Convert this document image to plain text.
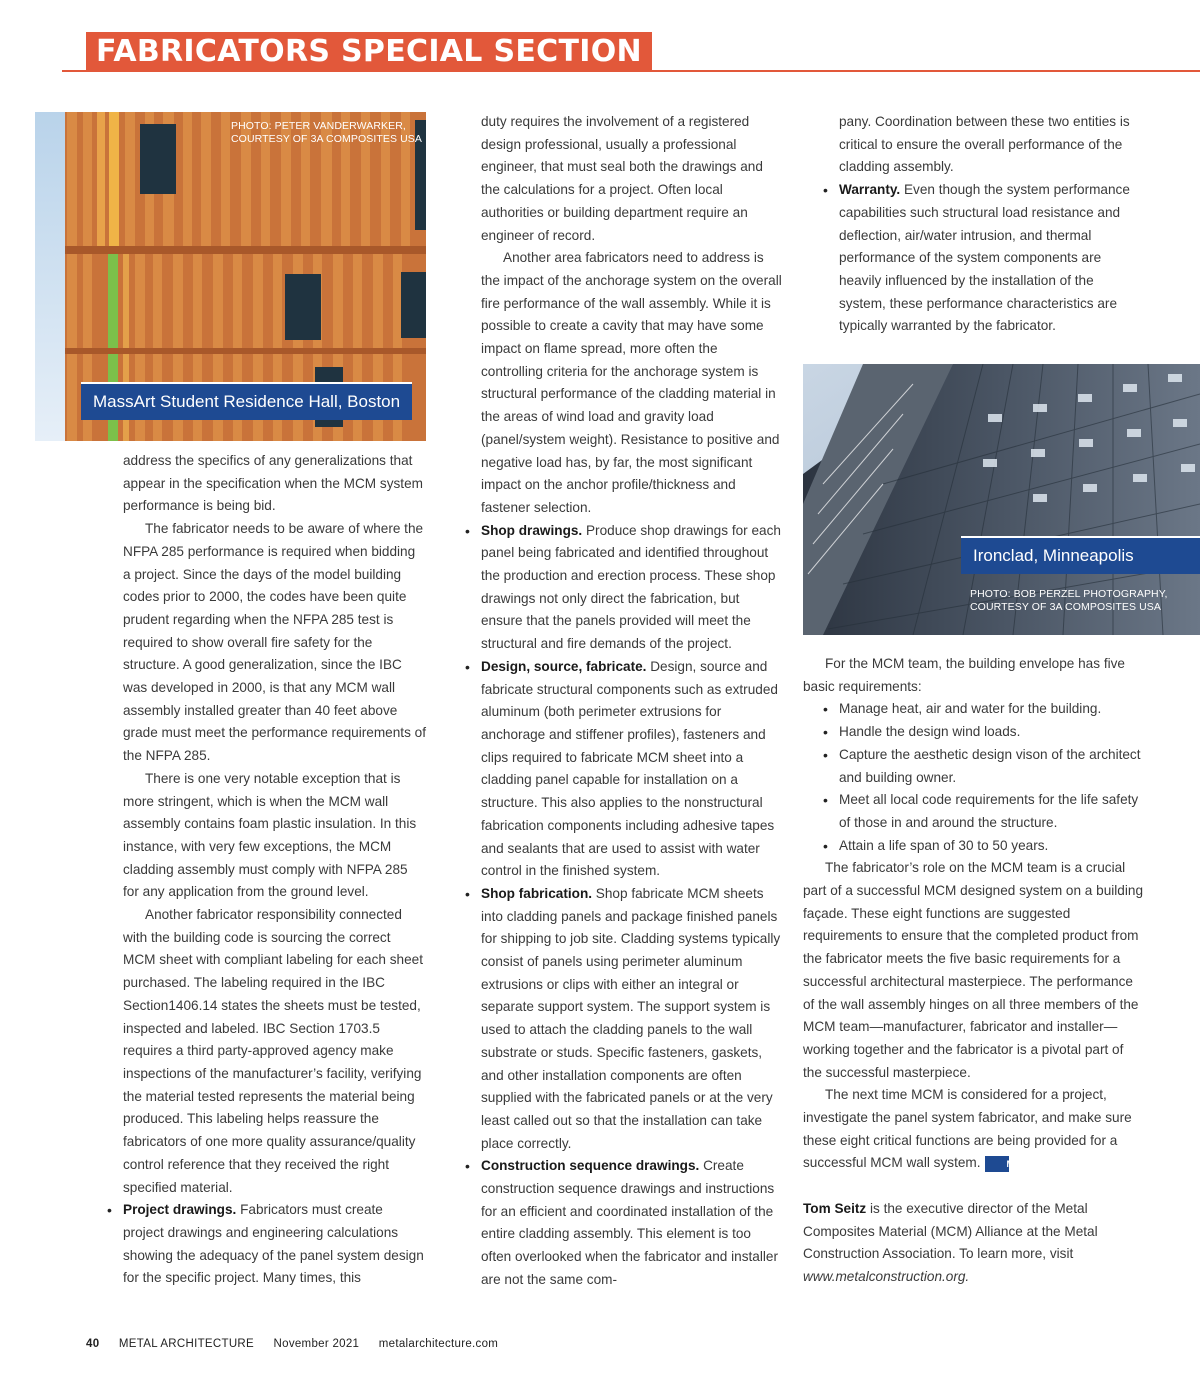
FABRICATORS SPECIAL SECTION
PHOTO: PETER VANDERWARKER,
COURTESY OF 3A COMPOSITES USA
MassArt Student Residence Hall, Boston

address the specifics of any generalizations that appear in the specification when the MCM system performance is being bid.

The fabricator needs to be aware of where the NFPA 285 performance is required when bidding a project. Since the days of the model building codes prior to 2000, the codes have been quite prudent regarding when the NFPA 285 test is required to show overall fire safety for the structure. A good generalization, since the IBC was developed in 2000, is that any MCM wall assembly installed greater than 40 feet above grade must meet the performance requirements of the NFPA 285.

There is one very notable exception that is more stringent, which is when the MCM wall assembly contains foam plastic insulation. In this instance, with very few exceptions, the MCM cladding assembly must comply with NFPA 285 for any application from the ground level.

Another fabricator responsibility connected with the building code is sourcing the correct MCM sheet with compliant labeling for each sheet purchased. The labeling required in the IBC Section1406.14 states the sheets must be tested, inspected and labeled. IBC Section 1703.5 requires a third party-approved agency make inspections of the manufacturer’s facility, verifying the material tested represents the material being produced. This labeling helps reassure the fabricators of one more quality assurance/quality control reference that they received the right specified material.

• Project drawings. Fabricators must create project drawings and engineering calculations showing the adequacy of the panel system design for the specific project. Many times, this

duty requires the involvement of a registered design professional, usually a professional engineer, that must seal both the drawings and the calculations for a project. Often local authorities or building department require an engineer of record.

Another area fabricators need to address is the impact of the anchorage system on the overall fire performance of the wall assembly. While it is possible to create a cavity that may have some impact on flame spread, more often the controlling criteria for the anchorage system is structural performance of the cladding material in the areas of wind load and gravity load (panel/system weight). Resistance to positive and negative load has, by far, the most significant impact on the anchor profile/thickness and fastener selection.

• Shop drawings. Produce shop drawings for each panel being fabricated and identified throughout the production and erection process. These shop drawings not only direct the fabrication, but ensure that the panels provided will meet the structural and fire demands of the project.
• Design, source, fabricate. Design, source and fabricate structural components such as extruded aluminum (both perimeter extrusions for anchorage and stiffener profiles), fasteners and clips required to fabricate MCM sheet into a cladding panel capable for installation on a structure. This also applies to the nonstructural fabrication components including adhesive tapes and sealants that are used to assist with water control in the finished system.
• Shop fabrication. Shop fabricate MCM sheets into cladding panels and package finished panels for shipping to job site. Cladding systems typically consist of panels using perimeter aluminum extrusions or clips with either an integral or separate support system. The support system is used to attach the cladding panels to the wall substrate or studs. Specific fasteners, gaskets, and other installation components are often supplied with the fabricated panels or at the very least called out so that the installation can take place correctly.
• Construction sequence drawings. Create construction sequence drawings and instructions for an efficient and coordinated installation of the entire cladding assembly. This element is too often overlooked when the fabricator and installer are not the same com-

pany. Coordination between these two entities is critical to ensure the overall performance of the cladding assembly.

• Warranty. Even though the system performance capabilities such structural load resistance and deflection, air/water intrusion, and thermal performance of the system components are heavily influenced by the installation of the system, these performance characteristics are typically warranted by the fabricator.
Ironclad, Minneapolis
PHOTO: BOB PERZEL PHOTOGRAPHY,
COURTESY OF 3A COMPOSITES USA

For the MCM team, the building envelope has five basic requirements:

• Manage heat, air and water for the building.
• Handle the design wind loads.
• Capture the aesthetic design vison of the architect and building owner.
• Meet all local code requirements for the life safety of those in and around the structure.
• Attain a life span of 30 to 50 years.

The fabricator’s role on the MCM team is a crucial part of a successful MCM designed system on a building façade. These eight functions are suggested requirements to ensure that the completed product from the fabricator meets the five basic requirements for a successful architectural masterpiece. The performance of the wall assembly hinges on all three members of the MCM team—manufacturer, fabricator and installer—working together and the fabricator is a pivotal part of the successful masterpiece.

The next time MCM is considered for a project, investigate the panel system fabricator, and make sure these eight critical functions are being provided for a successful MCM wall system.	Ma

Tom Seitz is the executive director of the Metal Composites Material (MCM) Alliance at the Metal Construction Association. To learn more, visit www.metalconstruction.org.

40 METAL ARCHITECTURE November 2021 metalarchitecture.com
